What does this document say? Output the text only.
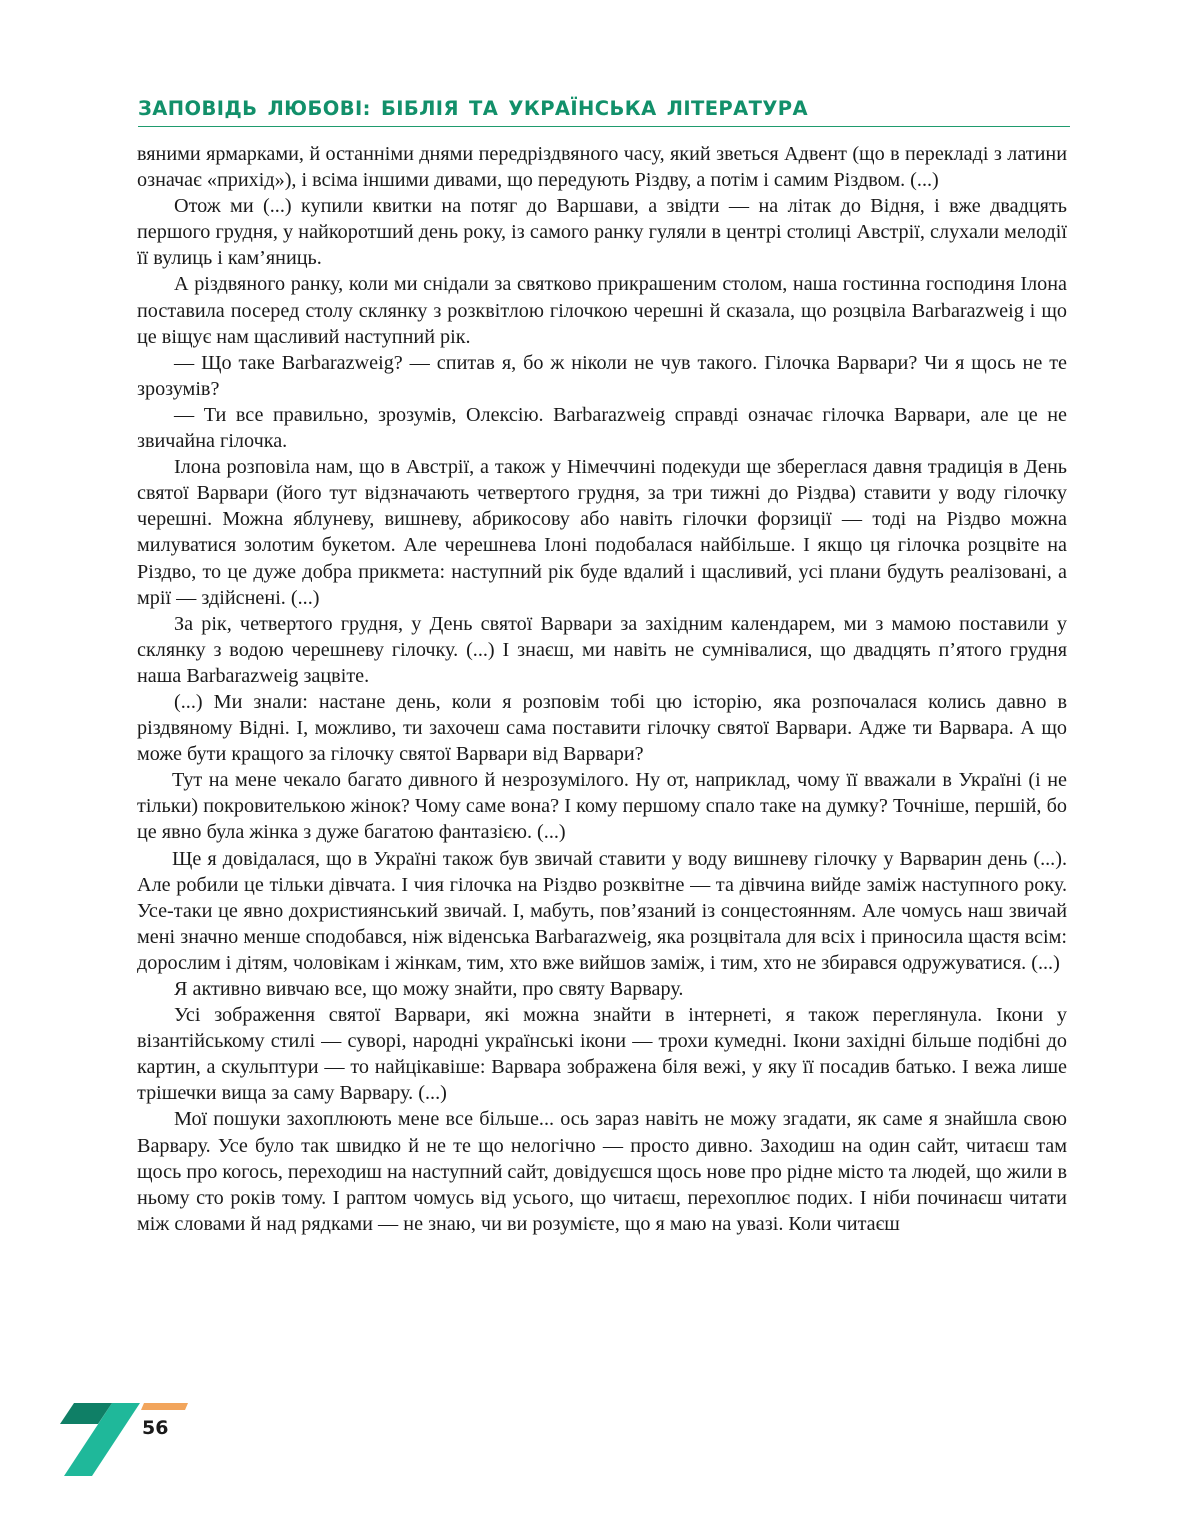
ЗАПОВІДЬ ЛЮБОВІ: БІБЛІЯ ТА УКРАЇНСЬКА ЛІТЕРАТУРА

вяними ярмарками, й останніми днями передріздвяного часу, який зветься Адвент (що в перекладі з латини означає «прихід»), і всіма іншими дивами, що передують Різдву, а потім і самим Різдвом. (...)

Отож ми (...) купили квитки на потяг до Варшави, а звідти — на літак до Відня, і вже двадцять першого грудня, у найкоротший день року, із самого ранку гуляли в центрі столиці Австрії, слухали мелодії її вулиць і кам’яниць.

А різдвяного ранку, коли ми снідали за святково прикрашеним столом, наша гостинна господиня Ілона поставила посеред столу склянку з розквітлою гілочкою черешні й сказала, що розцвіла Barbarazweig і що це віщує нам щасливий наступний рік.

— Що таке Barbarazweig? — спитав я, бо ж ніколи не чув такого. Гілочка Варвари? Чи я щось не те зрозумів?

— Ти все правильно, зрозумів, Олексію. Barbarazweig справді означає гілочка Варвари, але це не звичайна гілочка.

Ілона розповіла нам, що в Австрії, а також у Німеччині подекуди ще збереглася давня традиція в День святої Варвари (його тут відзначають четвертого грудня, за три тижні до Різдва) ставити у воду гілочку черешні. Можна яблуневу, вишневу, абрикосову або навіть гілочки форзиції — тоді на Різдво можна милуватися золотим букетом. Але черешнева Ілоні подобалася найбільше. І якщо ця гілочка розцвіте на Різдво, то це дуже добра прикмета: наступний рік буде вдалий і щасливий, усі плани будуть реалізовані, а мрії — здійснені. (...)

За рік, четвертого грудня, у День святої Варвари за західним календарем, ми з мамою поставили у склянку з водою черешневу гілочку. (...) І знаєш, ми навіть не сумнівалися, що двадцять п’ятого грудня наша Barbarazweig зацвіте.

(...) Ми знали: настане день, коли я розповім тобі цю історію, яка розпочалася колись давно в різдвяному Відні. І, можливо, ти захочеш сама поставити гілочку святої Варвари. Адже ти Варвара. А що може бути кращого за гілочку святої Варвари від Варвари?

Тут на мене чекало багато дивного й незрозумілого. Ну от, наприклад, чому її вважали в Україні (і не тільки) покровителькою жінок? Чому саме вона? І кому першому спало таке на думку? Точніше, першій, бо це явно була жінка з дуже багатою фантазією. (...)

Ще я довідалася, що в Україні також був звичай ставити у воду вишневу гілочку у Варварин день (...). Але робили це тільки дівчата. І чия гілочка на Різдво розквітне — та дівчина вийде заміж наступного року. Усе-таки це явно дохристиянський звичай. І, мабуть, пов’язаний із сонцестоянням. Але чомусь наш звичай мені значно менше сподобався, ніж віденська Barbarazweig, яка розцвітала для всіх і приносила щастя всім: дорослим і дітям, чоловікам і жінкам, тим, хто вже вийшов заміж, і тим, хто не збирався одружуватися. (...)

Я активно вивчаю все, що можу знайти, про святу Варвару.

Усі зображення святої Варвари, які можна знайти в інтернеті, я також переглянула. Ікони у візантійському стилі — суворі, народні українські ікони — трохи кумедні. Ікони західні більше подібні до картин, а скульптури — то найцікавіше: Варвара зображена біля вежі, у яку її посадив батько. І вежа лише трішечки вища за саму Варвару. (...)

Мої пошуки захоплюють мене все більше... ось зараз навіть не можу згадати, як саме я знайшла свою Варвару. Усе було так швидко й не те що нелогічно — просто дивно. Заходиш на один сайт, читаєш там щось про когось, переходиш на наступний сайт, довідуєшся щось нове про рідне місто та людей, що жили в ньому сто років тому. І раптом чомусь від усього, що читаєш, перехоплює подих. І ніби починаєш читати між словами й над рядками — не знаю, чи ви розумієте, що я маю на увазі. Коли читаєш

56
